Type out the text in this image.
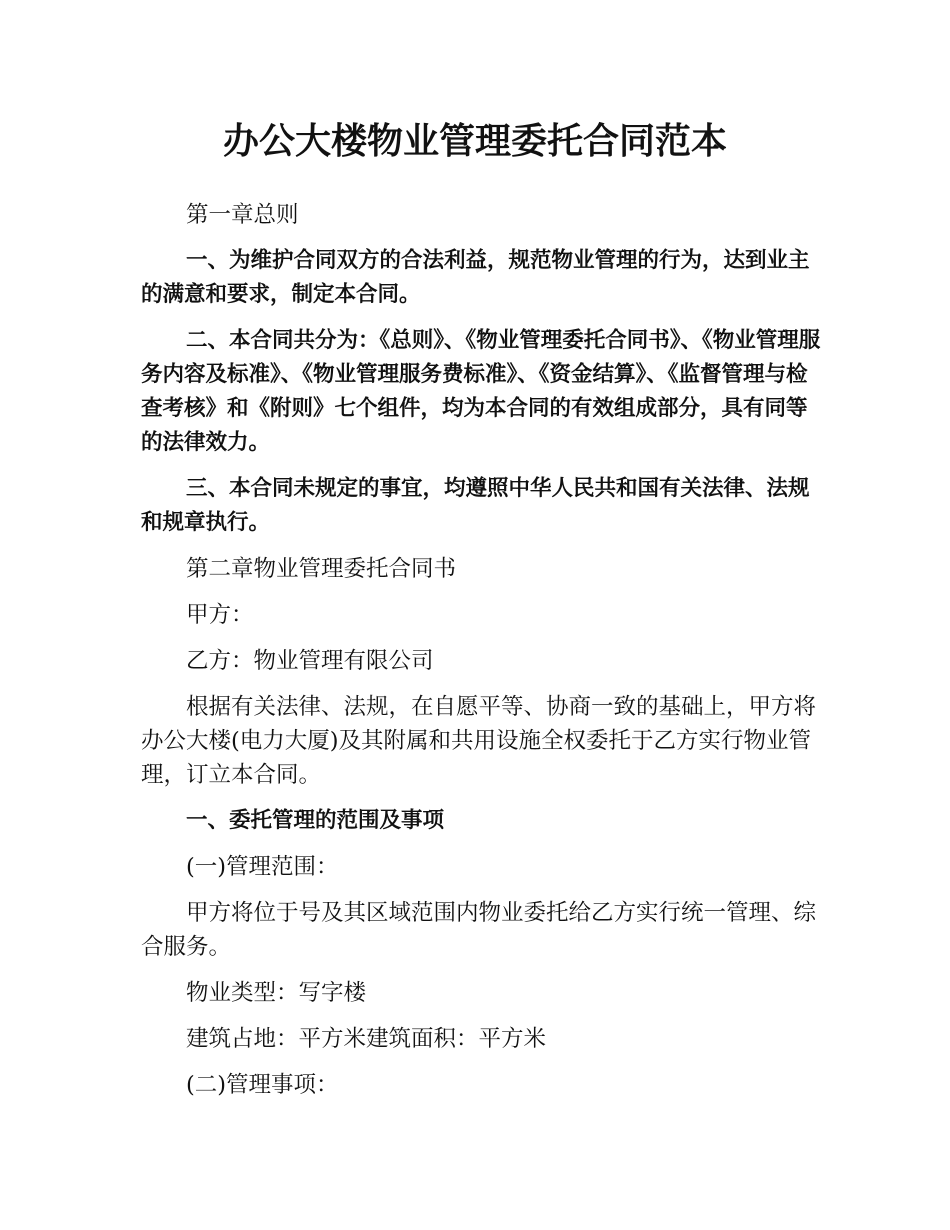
办公大楼物业管理委托合同范本

第一章总则

一、为维护合同双方的合法利益，规范物业管理的行为，达到业主的满意和要求，制定本合同。

二、本合同共分为：《总则》、《物业管理委托合同书》、《物业管理服务内容及标准》、《物业管理服务费标准》、《资金结算》、《监督管理与检查考核》和《附则》七个组件，均为本合同的有效组成部分，具有同等的法律效力。

三、本合同未规定的事宜，均遵照中华人民共和国有关法律、法规和规章执行。

第二章物业管理委托合同书

甲方：

乙方：物业管理有限公司

根据有关法律、法规，在自愿平等、协商一致的基础上，甲方将办公大楼(电力大厦)及其附属和共用设施全权委托于乙方实行物业管理，订立本合同。

一、委托管理的范围及事项

(一)管理范围：

甲方将位于号及其区域范围内物业委托给乙方实行统一管理、综合服务。

物业类型：写字楼

建筑占地：平方米建筑面积：平方米

(二)管理事项：
